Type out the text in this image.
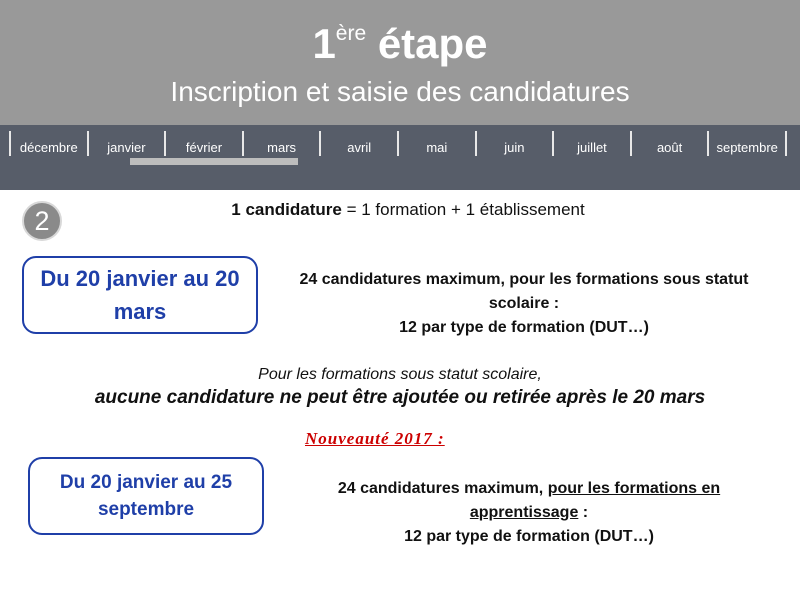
1ère étape
Inscription et saisie des candidatures
décembre	janvier	février	mars	avril	mai	juin	juillet	août	septembre
2	1 candidature = 1 formation + 1 établissement
Du 20 janvier au 20 mars
24 candidatures maximum, pour les formations sous statut scolaire :
12 par type de formation (DUT…)
Pour les formations sous statut scolaire,
aucune candidature ne peut être ajoutée ou retirée après le 20 mars
Nouveauté 2017 :
Du 20 janvier au 25 septembre
24 candidatures maximum, pour les formations en apprentissage :
12 par type de formation (DUT…)
